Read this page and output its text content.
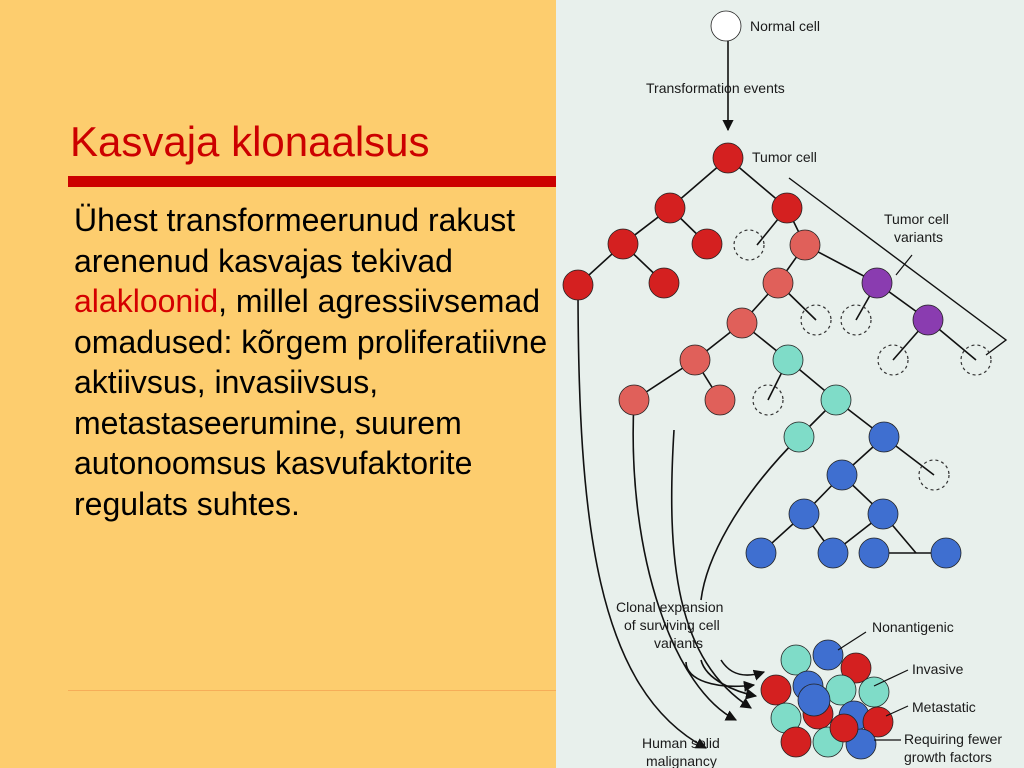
Kasvaja klonaalsus
Ühest transformeerunud rakust arenenud kasvajas tekivad alakloonid, millel agressiivsemad omadused: kõrgem proliferatiivne aktiivsus, invasiivsus, metastaseerumine, suurem autonoomsus kasvufaktorite regulats suhtes.
Normal cell
Transformation events
Tumor cell
Tumor cell
variants
Clonal expansion
of surviving cell
variants
Nonantigenic
Invasive
Metastatic
Requiring fewer
growth factors
Human solid
malignancy
